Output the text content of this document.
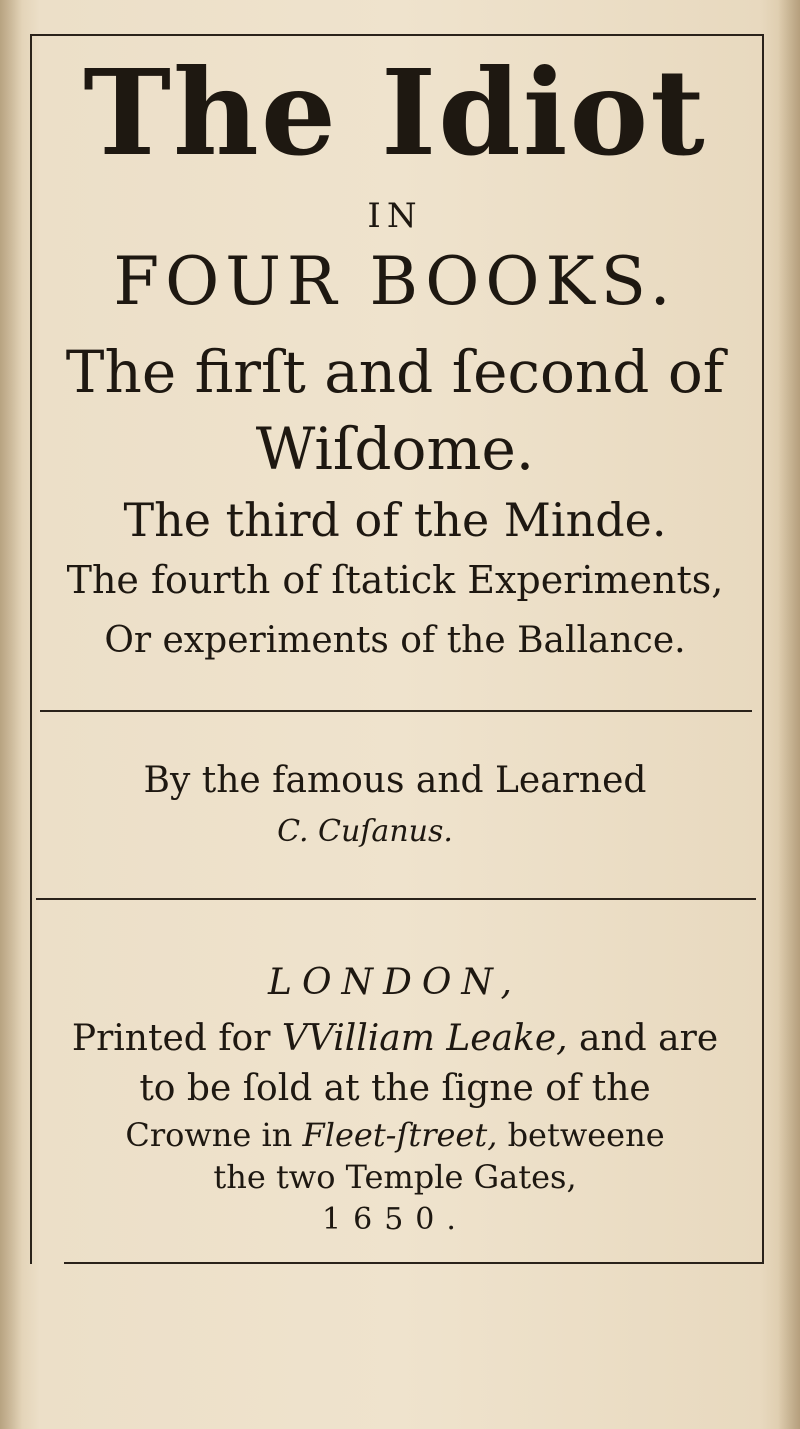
The Idiot

IN

FOUR BOOKS.

The firſt and ſecond of

Wiſdome.

The third of the Minde.

The fourth of ſtatick Experiments,

Or experiments of the Ballance.

By the famous and Learned

C. Cuſanus.

LONDON,

Printed for VVilliam Leake, and are

to be ſold at the ſigne of the

Crowne in Fleet-ſtreet, betweene

the two Temple Gates,

1650.
